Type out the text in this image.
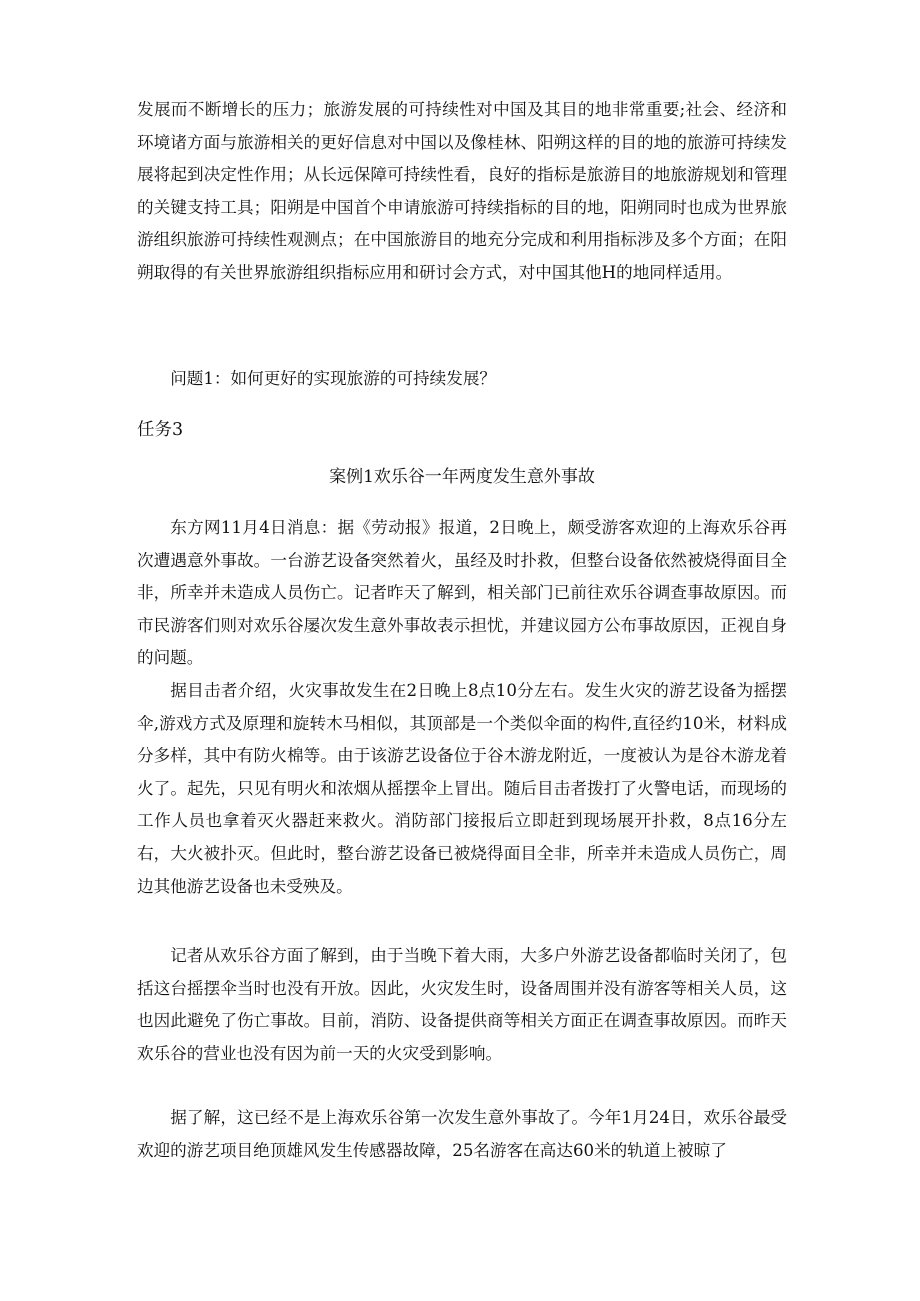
发展而不断增长的压力；旅游发展的可持续性对中国及其目的地非常重要;社会、经济和环境诸方面与旅游相关的更好信息对中国以及像桂林、阳朔这样的目的地的旅游可持续发展将起到决定性作用；从长远保障可持续性看，良好的指标是旅游目的地旅游规划和管理的关键支持工具；阳朔是中国首个申请旅游可持续指标的目的地，阳朔同时也成为世界旅游组织旅游可持续性观测点；在中国旅游目的地充分完成和利用指标涉及多个方面；在阳朔取得的有关世界旅游组织指标应用和研讨会方式，对中国其他H的地同样适用。

问题1：如何更好的实现旅游的可持续发展？

任务3

案例1欢乐谷一年两度发生意外事故

东方网11月4日消息：据《劳动报》报道，2日晚上，颇受游客欢迎的上海欢乐谷再次遭遇意外事故。一台游艺设备突然着火，虽经及时扑救，但整台设备依然被烧得面目全非，所幸并未造成人员伤亡。记者昨天了解到，相关部门已前往欢乐谷调查事故原因。而市民游客们则对欢乐谷屡次发生意外事故表示担忧，并建议园方公布事故原因，正视自身的问题。

据目击者介绍，火灾事故发生在2日晚上8点10分左右。发生火灾的游艺设备为摇摆伞,游戏方式及原理和旋转木马相似，其顶部是一个类似伞面的构件,直径约10米，材料成分多样，其中有防火棉等。由于该游艺设备位于谷木游龙附近，一度被认为是谷木游龙着火了。起先，只见有明火和浓烟从摇摆伞上冒出。随后目击者拨打了火警电话，而现场的工作人员也拿着灭火器赶来救火。消防部门接报后立即赶到现场展开扑救，8点16分左右，大火被扑灭。但此时，整台游艺设备已被烧得面目全非，所幸并未造成人员伤亡，周边其他游艺设备也未受殃及。

记者从欢乐谷方面了解到，由于当晚下着大雨，大多户外游艺设备都临时关闭了，包括这台摇摆伞当时也没有开放。因此，火灾发生时，设备周围并没有游客等相关人员，这也因此避免了伤亡事故。目前，消防、设备提供商等相关方面正在调查事故原因。而昨天欢乐谷的营业也没有因为前一天的火灾受到影响。

据了解，这已经不是上海欢乐谷第一次发生意外事故了。今年1月24日，欢乐谷最受欢迎的游艺项目绝顶雄风发生传感器故障，25名游客在高达60米的轨道上被晾了
